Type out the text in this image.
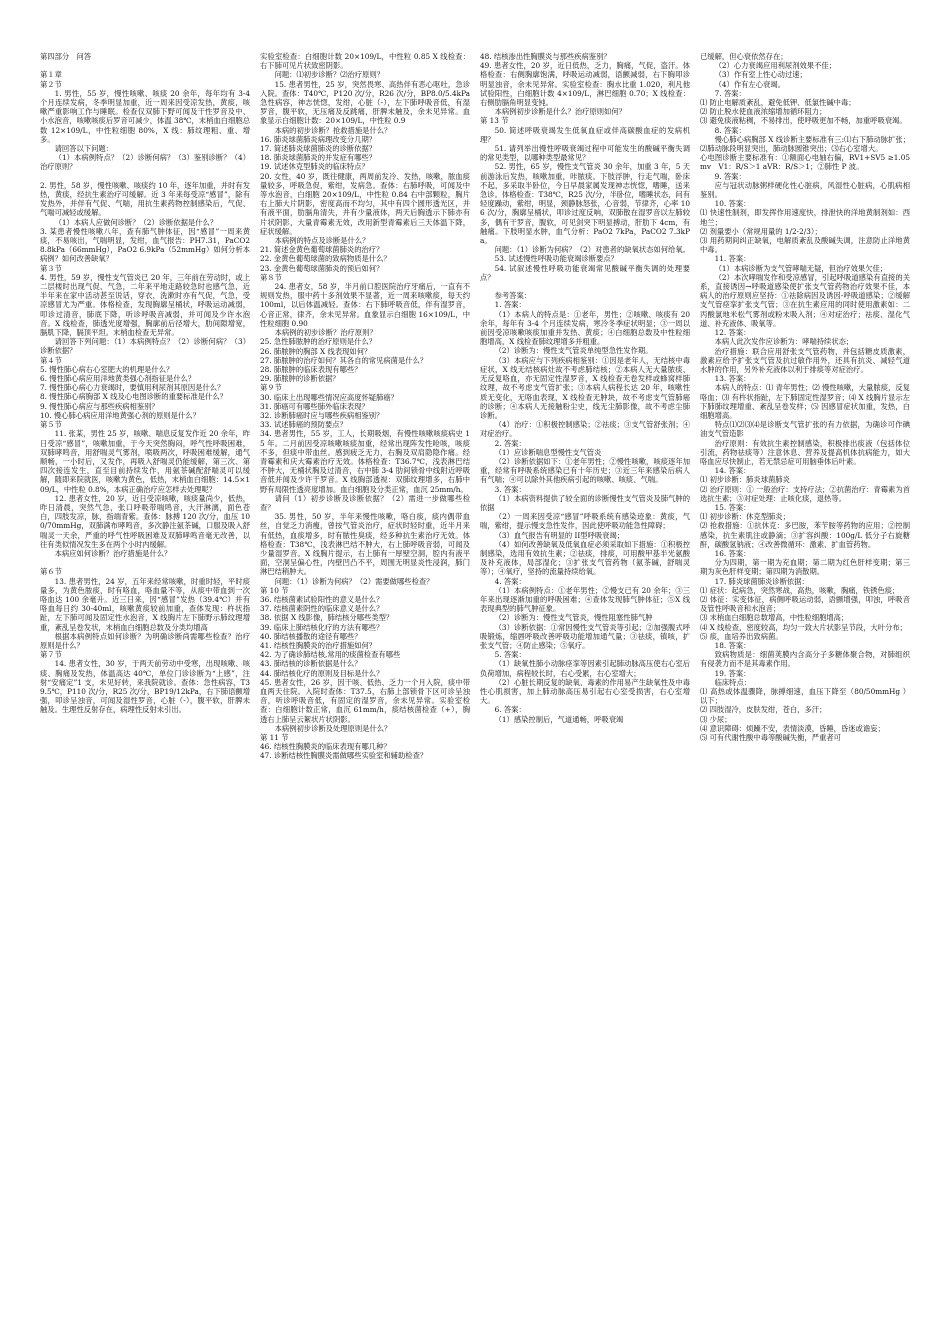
第四部分　问答

第１章

第２节

1. 男性，55 岁，慢性咳嗽、咳痰 20 余年，每年均有 3-4 个月连续发病，冬季明显加重，近一周来因受凉发热，黄痰，咳嗽严重影响工作与睡眠。检查仅双肺下野可闻及干性罗音及中、小水泡音，咳嗽咳痰后罗音可减少，体温 38℃，末梢血白细胞总数 12×109/L，中性粒细胞 80%，X 线：肺纹理粗、重、增多。

请回答以下问题：

（1）本病例特点？（2）诊断何病？（3）鉴别诊断？（4）治疗原则？

2. 男性，58 岁，慢性咳嗽、咳痰约 10 年，逐年加重，并时有发热，黄痰，经抗生素治疗可缓解。近 3 年来每受凉“感冒”，除有发热外，并伴有气促、气喘，用抗生素药物控制感染后，气促、气喘可减轻或缓解。

（1）本病人应做何诊断？（2）诊断依据是什么？

3. 某患者慢性咳嗽八年，查有肺气肿体征，因“感冒”一周来黄痰，不易咳出，气喘明显，发绀，血气报告：PH7.31，PaCO2 8.8kPa（66mmHg），PaO2 6.9kPa（52mmHg）如何分析本病例？如何改善缺氧？

第３节

4. 男性，59 岁，慢性支气管炎已 20 年，三年前在劳动时，或上二层楼时出现气促、气急，二年来平地走路较急时也感气急，近半年来在家中活动甚至说话，穿衣，洗漱时亦有气促，气急，受凉感冒尤为严重。体格检查，发现胸廓呈桶状，呼吸运动减弱，叩诊过清音，肺底下降，听诊呼吸音减弱，并可闻及少许水泡音。X 线检查，肺透光度增强，胸廓前后径增大，肋间隙增宽，膈肌下降，膈顶平坦。末梢血检查无异常。

请回答下列问题：（1）本病例特点？（2）诊断何病？（3）诊断依据？

第４节

5. 慢性肺心病右心室肥大的机理是什么？

6. 慢性肺心病应用洋地黄类强心剂指征是什么？

7. 慢性肺心病心力衰竭时，要慎用利尿剂其原因是什么？

8. 慢性肺心病胸部 X 线及心电图诊断的重要标准是什么？

9. 慢性肺心病应与那些疾病相鉴别？

10. 慢心肺心病应用洋地黄强心剂的原则是什么？

第５节

11. 张某，男性 25 岁，咳嗽、喘息反复发作近 20 余年，昨日受凉“感冒”，咳嗽加重，于今天突然胸闷，呼气性呼吸困难，双肺哮鸣音，用舒喘灵气雾剂，喷吸两次，呼吸困难缓解，通气顺畅，一小时后，又发作，再吸入舒喘灵仍能缓解，第三次、第四次接连发生，直至目前持续发作，用氨茶碱配舒喘灵可以缓解，随即来院就医，咳嗽为黄色，低热，末梢血白细胞：14.5×109/L，中性粒 0.8%，本病正确治疗应怎样去处理呢？

12. 患者女性，20 岁，近日受凉咳嗽，咳痰量尚少，低热，昨日清晨，突然气急，张口呼吸带喘鸣音，大汗淋漓，面色苍白，四肢发凉，脉，指端青紫。查体：脉搏 120 次/分，血压 100/70mmHg，双肺满布哮鸣音，多次静注氨茶碱，口服及吸入舒喘灵一天余，严重的呼气性呼吸困难及双肺哮鸣音毫无改善，以往有类似情况发生多在两个小时内缓解。

本病应如何诊断？治疗措施是什么？

第６节

13. 患者男性，24 岁，五年来经常咳嗽，时重时轻，平时痰量多，为黄色脓痰，时有咯血，咯血量不等，从痰中带血到一次咯血达 100 余毫升。近三日来，因“感冒”发热（39.4℃）并有咯血每日约 30-40ml，咳嗽黄痰较前加重，查体发现：杵状指趾，左下肺可闻及固定性水泡音，X 线胸片左下肺野示肺纹理增重，紊乱呈卷发状，末梢血白细胞总数及分类均增高

根据本病例特点如何诊断？为明确诊断尚需哪些检查？治疗原则是什么？

第７节

14. 患者女性，30 岁，于两天前劳动中受寒，出现咳嗽、咳痰、胸痛及发热，体温高达 40℃，单位门诊诊断为“上感”，注射“安痛定”1 支，未见好转，来我院就诊。查体：急性病容，T39.5℃，P110 次/分，R25 次/分，BP19/12kPa，右下肺语颤增强，叩诊呈浊音，可闻及湿性罗音，心脏（-），腹平软，肝脾未触及。生理性反射存在，病理性反射未引出。

实验室检查：白细胞计数 20×109/L，中性粒 0.85 X 线检查：右下肺可见片状致密阴影。

问题：⑴初步诊断？⑵治疗原则？

15. 患者男性，25 岁，突然畏寒、高热伴有恶心呕吐，急诊入院。查体：T40℃，P120 次/分，R26 次/分，BP8.0/5.4kPa 急性病容，神志恍惚，发绀，心脏（-），左下肺呼吸音低，有湿罗音，腹平软，无压痛及反跳痛，肝脾未触及，余未见异常。血象显示白细胞计数：20×109/L，中性粒 0.9

本病的初步诊断？抢救措施是什么？

16. 肺炎球菌肺炎病理改变分几期？

17. 简述肺炎球菌肺炎的诊断依据？

18. 肺炎球菌肺炎的并发症有哪些？

19. 试述休克型肺炎的临床特点？

20. 女性，40 岁，既往健康，两周前发冷、发热，咳嗽，脓血痰量较多，呼吸急促，紫绀，发病急。查体：右肺呼吸，可闻及中等水泡音，白细胞 20×109/L，中性粒 0.84 右中部颗粒，胸片右上肺大片阴影，密度高而不均匀，其中有四个圆形透光区，并有液平面，肋膈角清失，并有少量液体，两天后胸透示下肺亦有片状阴影，大量青霉素无效，改用新型青霉素后三天体温下降，症状缓解。

本病例的特点及诊断是什么？

21. 简述金黄色葡萄球菌肺炎的治疗？

22. 金黄色葡萄球菌的致病物质是什么？

23. 金黄色葡萄球菌肺炎的预后如何？

第８节

24. 患者女，58 岁，半月前口腔医院治疗牙痛后，一直有不规则发热，服中药十多剂效果不显著，近一周来咳嗽痰，每天约 100ml，以后体温减轻。查体：右下肺呼吸音低，伴有湿罗音，心音正常，律齐，余未见异常。血象显示白细胞 16×109/L，中性粒细胞 0.90

本病例的初步诊断？治疗原则？

25. 急性肺脓肿的治疗原则是什么？

26. 肺脓肿的胸部 X 线表现如何？

27. 肺脓肿的治疗如何？其各自的常见病菌是什么？

28. 肺脓肿的临床表现有哪些？

29. 肺脓肿的诊断依据？

第９节

30. 临床上出现哪些情况应高度怀疑肺癌？

31. 肺癌可有哪些肺外临床表现？

32. 诊断肺癌时应与哪些疾病相鉴别？

33. 试述肺癌的预防要点？

34. 患者男性，55 岁，工人，长期吸烟，有慢性咳嗽咳痰病史 15 年。二月前因受凉咳嗽咳痰加重，经常出现阵发性呛咳，咳痰不多，但痰中带血丝。感到疲乏无力，右胸及双肩隐隐作痛。经青霉素和庆大霉素治疗无效。体格检查：T36.7℃，浅表淋巴结不肿大，无桶状胸及过清音，右中肺 3-4 肋间锁骨中线附近呼吸音低并闻及少许干罗音。X 线胸部透视：双肺纹理增多，右肺中野有局限性透亮度增加。血白细胞及分类正常，血沉 25mm/h。

请问（1）初步诊断及诊断依据？（2）需进一步做哪些检查？

35. 男性，50 岁，半年来慢性咳嗽，咯白痰，痰内偶带血丝，自觉乏力消瘦，曾按气管炎治疗，症状时轻时重，近半月来有低热，血痰增多，时有脓性臭痰，经多种抗生素治疗无效。体格检查：T38℃，浅表淋巴结不肿大，右上肺呼吸音弱，可闻及少量湿罗音。X 线胸片提示，右上肺有一厚壁空洞，腔内有液平面，空洞呈偏心性，内壁凹凸不平，周围无明显炎性浸润，肺门淋巴结稍肿大。

问题：（1）诊断为何病？（2）需要做哪些检查？

第 10 节

36. 结核菌素试验阳性的意义是什么？

37. 结核菌素阴性的临床意义是什么？

38. 依据 X 线影像，肺结核分哪些类型？

39. 临床上肺结核化疗的方法有哪些？

40. 肺结核播散的途径有哪些？

41. 结核性胸膜炎的治疗措施如何？

42. 为了确诊肺结核,常用的痰菌检查有哪些

43. 肺结核的诊断依据是什么？

44. 肺结核化疗的原则及目标是什么？

45. 患者女性，26 岁，因干咳、低热、乏力一个月入院，痰中带血两天住院。入院时查体：T37.5，右肺上部锁骨下区可诊呈浊音，听诊呼吸音低，有固定的湿罗音，余未见异常。实验室检查：白细胞计数正常，血沉 61mm/h，痰结核菌检查（+），胸透右上肺呈云絮状片状阴影。

本病例初步诊断及处理原则是什么？

第 11 节

46. 结核性胸膜炎的临床表现有哪几种？

47. 诊断结核性胸膜炎需做哪些实验室和辅助检查？

48. 结核渗出性胸膜炎与那些疾病鉴别？

49. 患者女性，20 岁，近日低热，乏力，胸痛，气促，盗汗。体格检查：右侧胸廓饱满，呼吸运动减弱，语颤减弱，右下胸叩诊明显浊音，余未见异常。实验室检查：胸水比重 1.020，利凡他试验阳性，白细胞计数 4×109/L，淋巴细胞 0.70；X 线检查：右侧肋膈角明显变钝。

本病例初步诊断是什么？治疗原则如何？

第 13 节

50. 简述呼吸衰竭发生低氧血症或伴高碳酸血症的发病机理？

51. 请列举出慢性呼吸衰竭过程中可能发生的酸碱平衡失调的常见类型，以哪种类型最常见？

52. 男性，65 岁，慢性支气管炎 30 余年，加重 3 年，5 天前游泳后发热，咳嗽加重，咔脓痰。下肢浮肿，行走气喘，卧床不起，多采取半卧位，今日早晨家属发现神志恍惚，嗜睡，送来急诊。体格检查：T38℃，R25 次/分，半卧位，嗜睡状态，问有轻度躁动，紫绀，明显，颈静脉怒张，心音弱，节律齐，心率 106 次/分，胸廓呈桶状，叩诊过度反响，双肺散在湿罗音以左肺较多，偶有干罗音，腹软，可见剑突下明显搏动，肝肋下 4cm，有触痛。下肢明显水肿，血气分析：PaO2 7kPa，PaCO2 7.3kPa。

问题：（1）诊断为何病？（2）对患者的缺氧状态如何给氧。

53. 试述慢性呼吸功能衰竭诊断要点？

54. 试叙述慢性呼吸功能衰竭常见酸碱平衡失调的处理要点？

参考答案：

1. 答案：

（1）本病人的特点是：①老年，男性；②咳嗽、咳痰有 20 余年，每年有 3-4 个月连续发病，寒冷冬季症状明显；③一周以前因受凉咳嗽咳痰加重并发热、黄痰；④白细胞总数及中性粒细胞增高，X 线检查肺纹理增多并粗重。

（2）诊断为：慢性支气管炎单纯型急性发作期。

（3）本病应与下列疾病相鉴别：①因是老年人，无结核中毒症状，X 线无结核病灶故不考虑肺结核；②本病人无大量脓痰、无反复咯血，亦无固定性湿罗音，X 线检查无卷发样或蜂窝样肺纹理，故不考虑支气管扩张；③本病人病程长达 20 年，咳嗽性质无变化，无咯血表现，X 线检查无肿块，故不考虑支气管肺癌的诊断；④本病人无接触粉尘史，线无尘肺影像，故不考虑尘肺诊断。

（4）治疗：①积极控制感染；②祛痰；③支气管舒张剂；④对症治疗。

2. 答案：

（1）应诊断喘息型慢性支气管炎

（2）诊断依据如下：①老年男性；②慢性咳嗽，咳痰逐年加重，经常有呼吸系统感染已有十年历史；③近三年来感染后病人有气喘；④可以除外其他疾病引起的咳嗽、咳痰、气喘。

3. 答案：

（1）本病资料提供了较全面的诊断慢性支气管炎及肺气肿的依据

（2）一周来因受凉“感冒”呼吸系统有感染迹象：黄痰，气喘，紫绀，提示慢支急性发作，因此使呼吸功能急性障碍；

（3）血气报告有明显的 II型呼吸衰竭；

（4）如何改善缺氧及低氧血症必须采取如下措施：①积极控制感染，选用有效抗生素；②祛痰，排痰，可用酸甲基半光氨酸及补充液体，局部湿化；③扩张支气管药物（氨茶碱，舒喘灵等）；④氧疗，坚持的流量持续给氧。

4. 答案：

（1）本病例特点：①老年男性；②慢支已有 20 余年；③三年来出现逐渐加重的呼吸困难；④查体发现肺气肿体征；⑤X 线表现典型的肺气肿征象。

（2）诊断为：慢性支气管炎，慢性阻塞性肺气肿

（3）诊断依据：①常因慢性支气管炎等引起；②加强腹式呼吸锻炼，缩唇呼吸改善呼吸功能增加通气量；③祛痰，镇咳，扩张支气管；④防止感染；⑤氧疗。

5. 答案：

（1）缺氧性肺小动脉痉挛等因素引起肺动脉高压使右心室后负荷增加，病程较长时，右心受累，右心室增大；

（2）心脏长期反复的缺氧、毒素的作用易产生缺氧性及中毒性心肌损害，加上肺动脉高压易引起右心室受损害，右心室增大。

6. 答案：

（1）感染控制后，气道通畅，呼吸衰竭

已缓解，但心衰依然存在；

（2）心力衰竭应用利尿剂效果不佳；

（3）作有室上性心动过速；

（4）作有左心衰竭。

7. 答案：

⑴ 防止电解质紊乱，避免低钾、低氯性碱中毒；

⑵ 防止脱水使血液浓缩增加循环阻力；

⑶ 避免痰液粘稠，不易排出，使呼吸更加不畅，加重呼吸衰竭。

8. 答案：

慢心肺心病胸部 X 线诊断主要标准有三:⑴右下肺动脉扩张；⑵肺动脉段明显突出，肺动脉圆锥突出；⑶右心室增大。

心电图诊断主要标准有：①额面心电轴右偏，RV1+SV5 ≥1.05mv　V1：R/S＞1 aVR：R/S＞1；②肺性 P 波。

9. 答案：

应与冠状动脉粥样硬化性心脏病，风湿性心脏病，心肌病相鉴别。

10. 答案：

⑴ 快速性制剂，即发挥作用速度快，排泄快的洋地黄制剂如：西地兰；

⑵ 剂量要小（常规用量的 1/2-2/3）；

⑶ 用药期间纠正缺氧，电解质紊乱及酸碱失调，注意防止洋地黄中毒。

11. 答案：

（1）本病诊断为支气管哮喘无疑，但治疗效果欠佳；

（2）本次哮喘发作和受凉感冒，引起呼吸道感染有直接的关系，直接诱因→呼吸道感染使扩张支气管药物治疗效果不佳，本病人的治疗原则应坚持：①祛除病因及诱因-呼吸道感染；②缓解支气管痉挛扩张支气管；③在抗生素应用的同时使用激素如：二丙酸氯地米松气雾剂或粉末吸入剂；④对症治疗；祛痰、湿化气道、补充液体、吸氧等。

12. 答案：

本病人此次发作应诊断为：哮喘持续状态；

治疗措施：联合应用舒张支气管药物，并包括糖皮质激素，激素应给予扩张支气管及抗过敏作用外，还具有抗炎、减轻气道水肿的作用，另外补充液体以利于排痰等对症治疗。

13. 答案：

本病人的特点：⑴ 青年男性；⑵ 慢性咳嗽，大量脓痰，反复咯血；⑶ 有杵状指趾，左下肺固定性湿罗音；⑷ X 线胸片显示左下肺肺纹理增重、紊乱呈卷发样；⑸ 因感冒症状加重，发热，白细胞增高。

特点⑴⑵⑶⑷是诊断支气管扩张的有力依据，为确诊可作碘油支气管造影

治疗原则：有效抗生素控制感染，积极排出痰液（包括体位引流，药物祛痰等）注意休息、营养及提高机体抗病能力，如大咯血应尽快制止，若无禁忌症可用脑垂体后叶素。

14. 答案：

⑴ 初步诊断：肺炎球菌肺炎

⑵ 治疗原则：① 一般治疗：支持疗法；②抗菌治疗：青霉素为首选抗生素；③对症处理：止咳化痰，退热等。

15. 答案：

⑴ 初步诊断：休克型肺炎；

⑵ 抢救措施：①抗休克：多巴胺，苯苄胺等药物的应用；②控制感染，抗生素肌注或静滴；③扩容纠酸：100g/L 低分子右旋糖酐，碳酸氢钠液；④改善微循环：激素、扩血管药物。

16. 答案：

分为四期，第一期为充血期；第二期为红色肝样变期；第三期为灰色肝样变期；第四期为消散期。

17. 肺炎球菌肺炎诊断依据：

⑴ 症状：起病急，突然寒战，高热，咳嗽，胸痛，铁锈色痰；

⑵ 体征：实变体征，病侧呼吸运动弱，语颤增强，叩浊，呼吸音及管性呼吸音和水泡音；

⑶ 末梢血白细胞总数增高，中性粒细胞增高；

⑷ X 线检查，密度较高，均匀一致大片状影呈节段，大叶分布；

⑸ 痰，血培养出致病菌。

18. 答案：

致病物质是：细菌荚膜内含高分子多糖体聚合物，对肺组织有侵袭力而不是其毒素作用。

19. 答案：

临床特点：

⑴ 高热或体温骤降，脉搏细速，血压下降至（80/50mmHg ）以下；

⑵ 四肢湿冷，皮肤发绀，苍白，多汗；

⑶ 少尿；

⑷ 意识障碍：烦躁不安，表情淡漠，昏睡，昏迷或谵妄；

⑸ 可有代谢性酸中毒等酸碱失衡，严重者可
